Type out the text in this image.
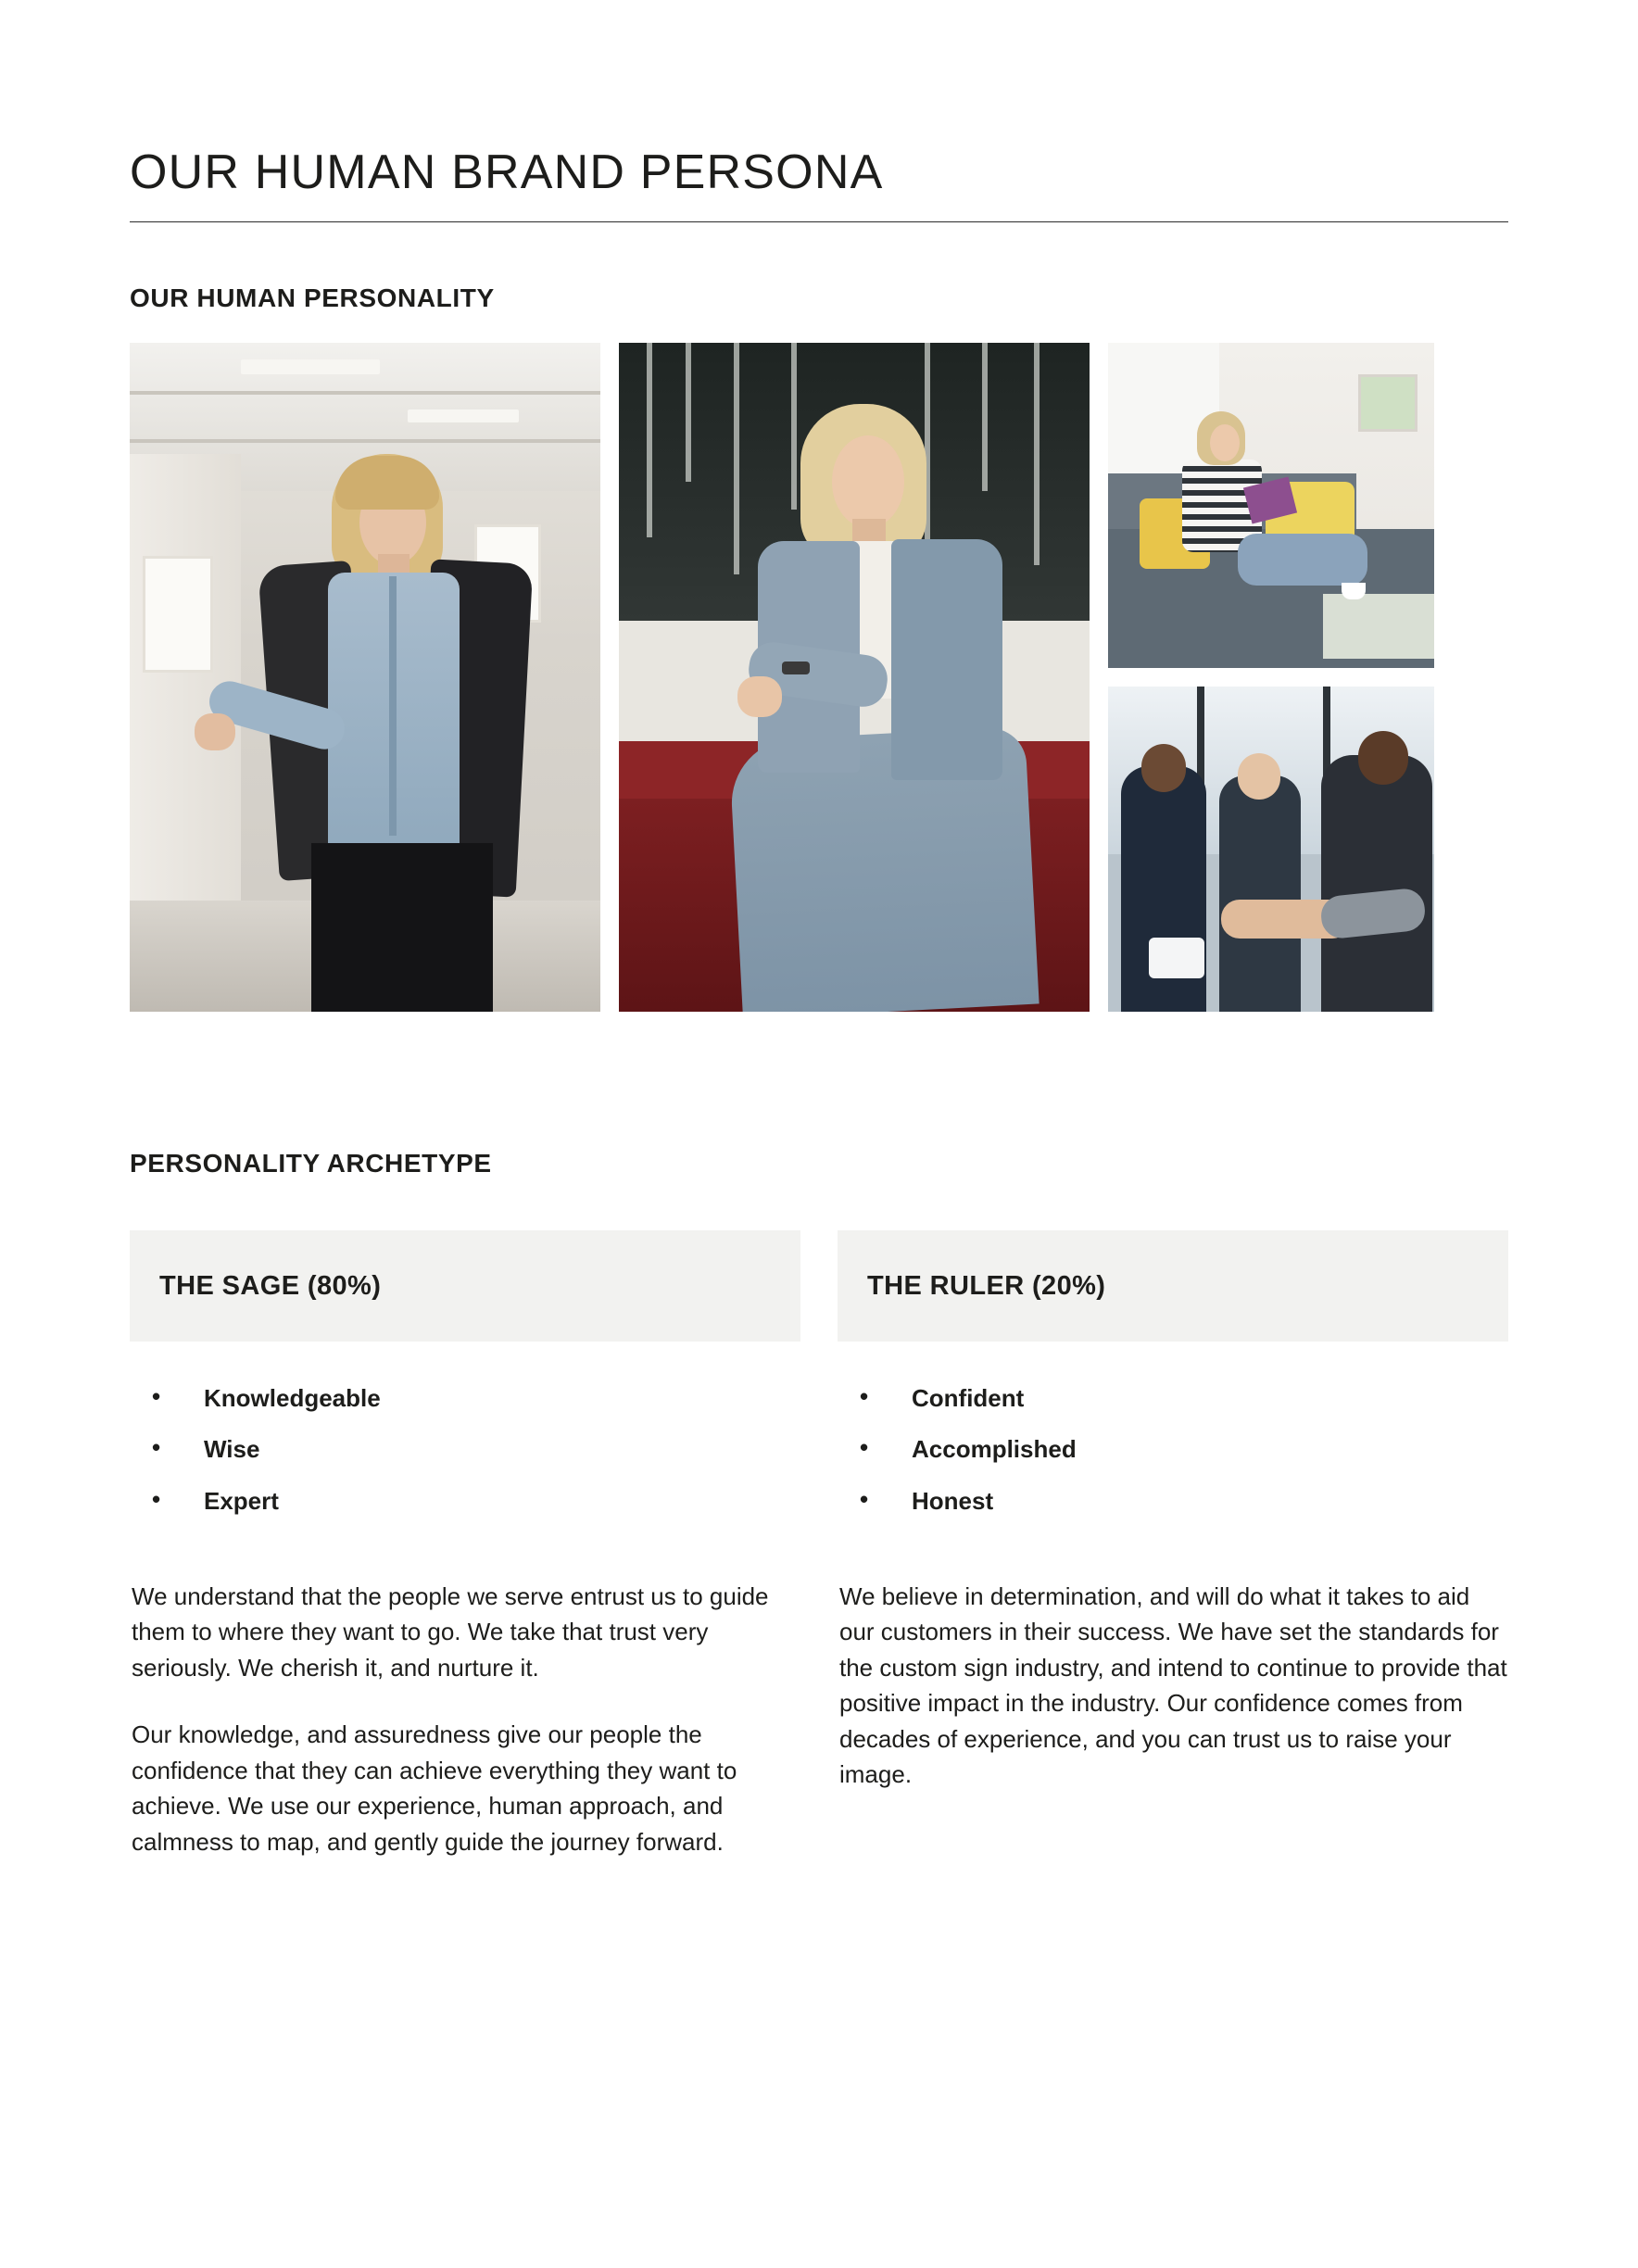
OUR HUMAN BRAND PERSONA
OUR HUMAN PERSONALITY
PERSONALITY ARCHETYPE
THE SAGE (80%)
• Knowledgeable
• Wise
• Expert

We understand that the people we serve entrust us to guide them to where they want to go. We take that trust very seriously. We cherish it, and nurture it.

Our knowledge, and assuredness give our people the confidence that they can achieve everything they want to achieve. We use our experience, human approach, and calmness to map, and gently guide the journey forward.

THE RULER (20%)
• Confident
• Accomplished
• Honest

We believe in determination, and will do what it takes to aid our customers in their success. We have set the standards for the custom sign industry, and intend to continue to provide that positive impact in the industry. Our confidence comes from decades of experience, and you can trust us to raise your image.
